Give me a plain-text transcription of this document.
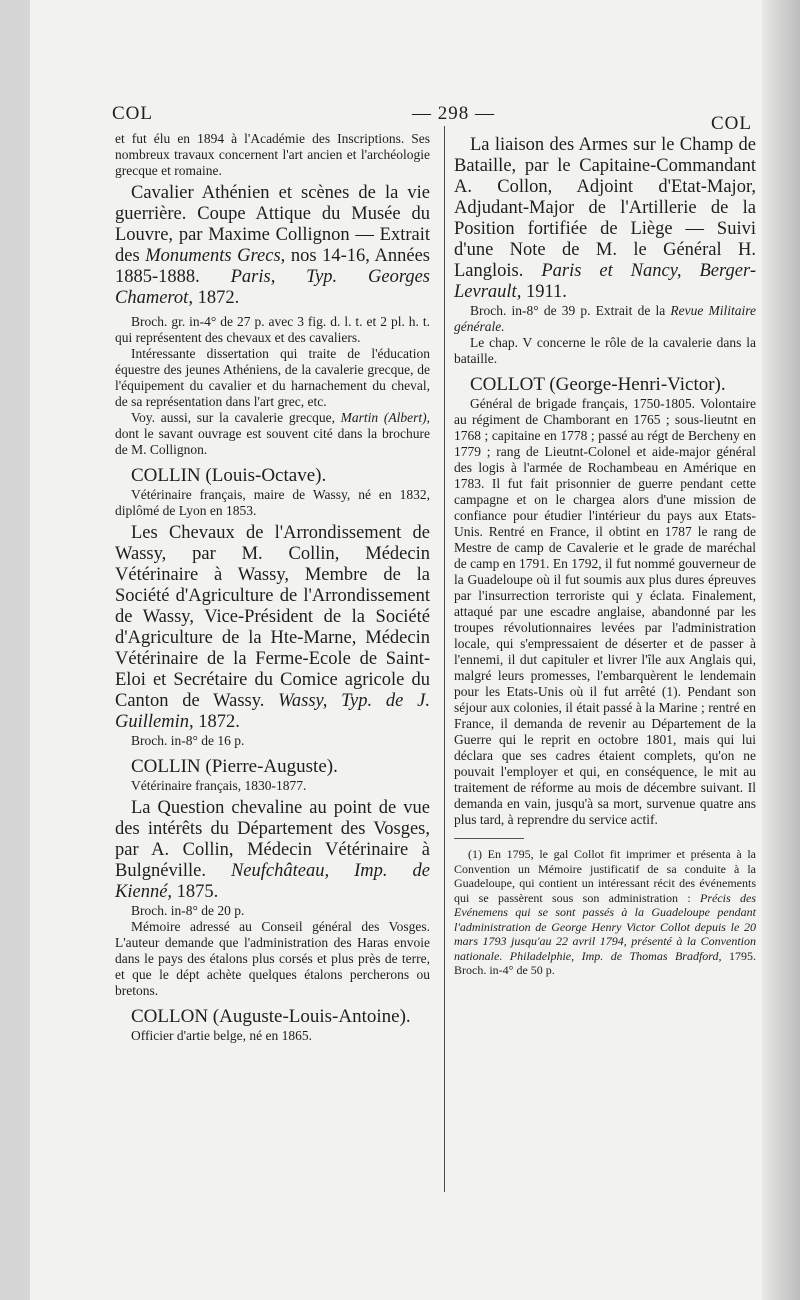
COL	— 298 —	COL

et fut élu en 1894 à l'Académie des Inscriptions. Ses nombreux travaux concernent l'art ancien et l'archéologie grecque et romaine.

Cavalier Athénien et scènes de la vie guerrière. Coupe Attique du Musée du Louvre, par Maxime Collignon — Extrait des Monuments Grecs, nos 14-16, Années 1885-1888. Paris, Typ. Georges Chamerot, 1872.

Broch. gr. in-4° de 27 p. avec 3 fig. d. l. t. et 2 pl. h. t. qui représentent des chevaux et des cavaliers.

Intéressante dissertation qui traite de l'éducation équestre des jeunes Athéniens, de la cavalerie grecque, de l'équipement du cavalier et du harnachement du cheval, de sa représentation dans l'art grec, etc.

Voy. aussi, sur la cavalerie grecque, Martin (Albert), dont le savant ouvrage est souvent cité dans la brochure de M. Collignon.

COLLIN (Louis-Octave).

Vétérinaire français, maire de Wassy, né en 1832, diplômé de Lyon en 1853.

Les Chevaux de l'Arrondissement de Wassy, par M. Collin, Médecin Vétérinaire à Wassy, Membre de la Société d'Agriculture de l'Arrondissement de Wassy, Vice-Président de la Société d'Agriculture de la Hte-Marne, Médecin Vétérinaire de la Ferme-Ecole de Saint-Eloi et Secrétaire du Comice agricole du Canton de Wassy. Wassy, Typ. de J. Guillemin, 1872.

Broch. in-8° de 16 p.

COLLIN (Pierre-Auguste).

Vétérinaire français, 1830-1877.

La Question chevaline au point de vue des intérêts du Département des Vosges, par A. Collin, Médecin Vétérinaire à Bulgnéville. Neufchâteau, Imp. de Kienné, 1875.

Broch. in-8° de 20 p.

Mémoire adressé au Conseil général des Vosges. L'auteur demande que l'administration des Haras envoie dans le pays des étalons plus corsés et plus près de terre, et que le dépt achète quelques étalons percherons ou bretons.

COLLON (Auguste-Louis-Antoine).

Officier d'artie belge, né en 1865.

La liaison des Armes sur le Champ de Bataille, par le Capitaine-Commandant A. Collon, Adjoint d'Etat-Major, Adjudant-Major de l'Artillerie de la Position fortifiée de Liège — Suivi d'une Note de M. le Général H. Langlois. Paris et Nancy, Berger-Levrault, 1911.

Broch. in-8° de 39 p. Extrait de la Revue Militaire générale.

Le chap. V concerne le rôle de la cavalerie dans la bataille.

COLLOT (George-Henri-Victor).

Général de brigade français, 1750-1805. Volontaire au régiment de Chamborant en 1765 ; sous-lieutnt en 1768 ; capitaine en 1778 ; passé au régt de Bercheny en 1779 ; rang de Lieutnt-Colonel et aide-major général des logis à l'armée de Rochambeau en Amérique en 1783. Il fut fait prisonnier de guerre pendant cette campagne et on le chargea alors d'une mission de confiance pour étudier l'intérieur du pays aux Etats-Unis. Rentré en France, il obtint en 1787 le rang de Mestre de camp de Cavalerie et le grade de maréchal de camp en 1791. En 1792, il fut nommé gouverneur de la Guadeloupe où il fut soumis aux plus dures épreuves par l'insurrection terroriste qui y éclata. Finalement, attaqué par une escadre anglaise, abandonné par les troupes révolutionnaires levées par l'administration locale, qui s'empressaient de déserter et de passer à l'ennemi, il dut capituler et livrer l'île aux Anglais qui, malgré leurs promesses, l'embarquèrent le lendemain pour les Etats-Unis où il fut arrêté (1). Pendant son séjour aux colonies, il était passé à la Marine ; rentré en France, il demanda de revenir au Département de la Guerre qui le reprit en octobre 1801, mais qui lui déclara que ses cadres étaient complets, qu'on ne pouvait l'employer et qui, en conséquence, le mit au traitement de réforme au mois de décembre suivant. Il demanda en vain, jusqu'à sa mort, survenue quatre ans plus tard, à reprendre du service actif.

(1) En 1795, le gal Collot fit imprimer et présenta à la Convention un Mémoire justificatif de sa conduite à la Guadeloupe, qui contient un intéressant récit des événements qui se passèrent sous son administration : Précis des Evénemens qui se sont passés à la Guadeloupe pendant l'administration de George Henry Victor Collot depuis le 20 mars 1793 jusqu'au 22 avril 1794, présenté à la Convention nationale. Philadelphie, Imp. de Thomas Bradford, 1795. Broch. in-4° de 50 p.
